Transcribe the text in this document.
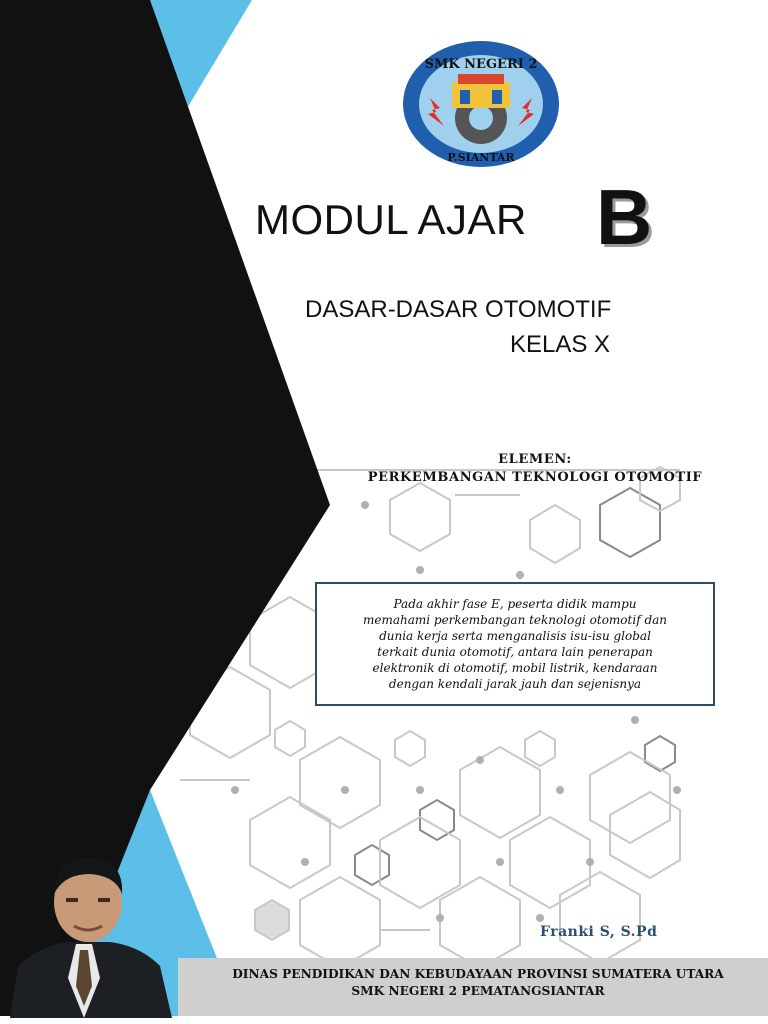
SMK NEGERI 2
P.SIANTAR
MODUL AJAR B
DASAR-DASAR OTOMOTIF
KELAS X
ELEMEN:
PERKEMBANGAN TEKNOLOGI OTOMOTIF
Pada akhir fase E, peserta didik mampu
memahami perkembangan teknologi otomotif dan
dunia kerja serta menganalisis isu-isu global
terkait dunia otomotif, antara lain penerapan
elektronik di otomotif, mobil listrik, kendaraan
dengan kendali jarak jauh dan sejenisnya
Franki S, S.Pd
DINAS PENDIDIKAN DAN KEBUDAYAAN PROVINSI SUMATERA UTARA
SMK NEGERI 2 PEMATANGSIANTAR
